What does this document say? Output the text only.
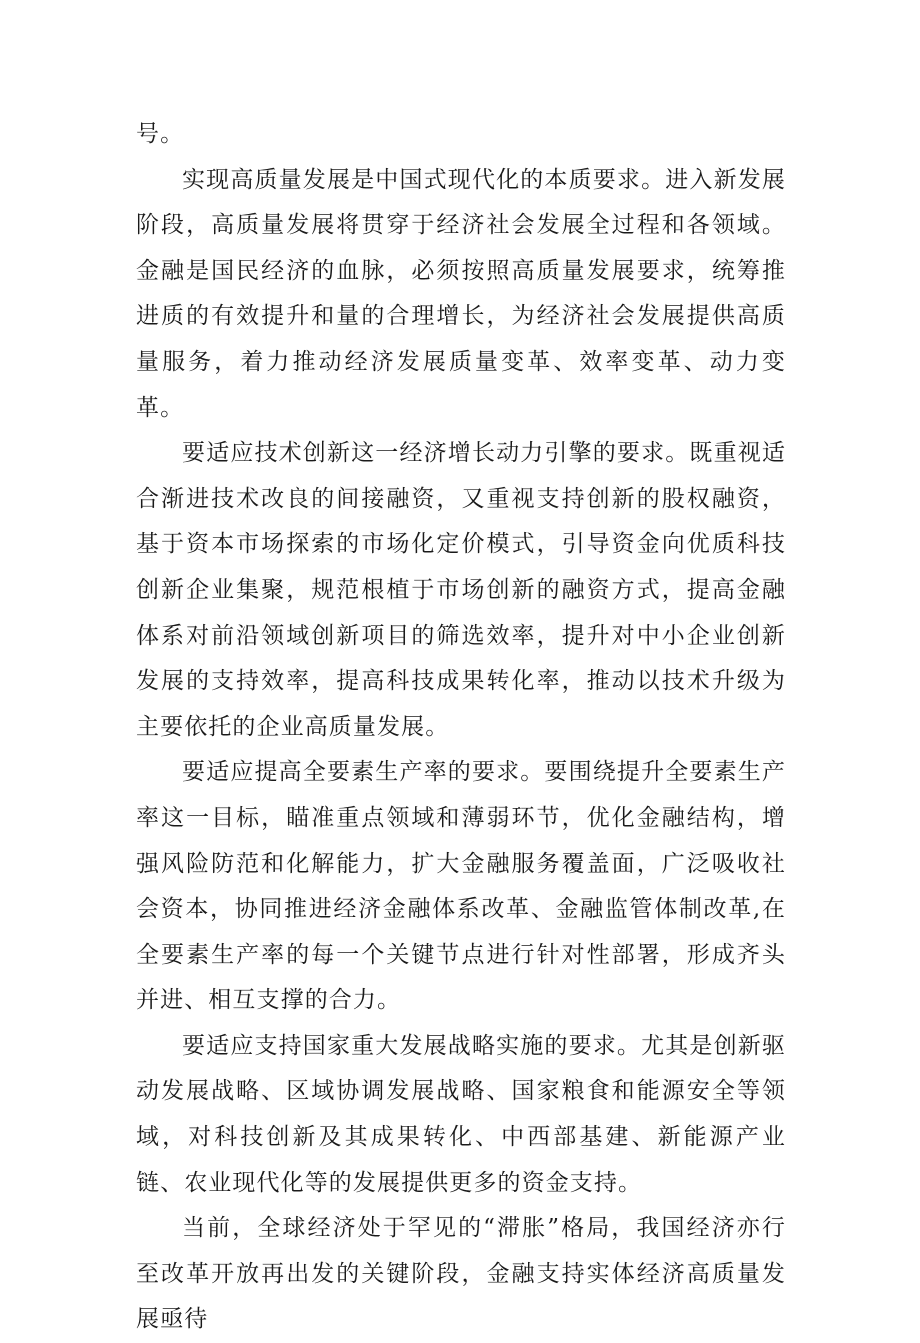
号。

实现高质量发展是中国式现代化的本质要求。进入新发展阶段，高质量发展将贯穿于经济社会发展全过程和各领域。金融是国民经济的血脉，必须按照高质量发展要求，统筹推进质的有效提升和量的合理增长，为经济社会发展提供高质量服务，着力推动经济发展质量变革、效率变革、动力变革。

要适应技术创新这一经济增长动力引擎的要求。既重视适合渐进技术改良的间接融资，又重视支持创新的股权融资，基于资本市场探索的市场化定价模式，引导资金向优质科技创新企业集聚，规范根植于市场创新的融资方式，提高金融体系对前沿领域创新项目的筛选效率，提升对中小企业创新发展的支持效率，提高科技成果转化率，推动以技术升级为主要依托的企业高质量发展。

要适应提高全要素生产率的要求。要围绕提升全要素生产率这一目标，瞄准重点领域和薄弱环节，优化金融结构，增强风险防范和化解能力，扩大金融服务覆盖面，广泛吸收社会资本，协同推进经济金融体系改革、金融监管体制改革,在全要素生产率的每一个关键节点进行针对性部署，形成齐头并进、相互支撑的合力。

要适应支持国家重大发展战略实施的要求。尤其是创新驱动发展战略、区域协调发展战略、国家粮食和能源安全等领域，对科技创新及其成果转化、中西部基建、新能源产业链、农业现代化等的发展提供更多的资金支持。

当前，全球经济处于罕见的“滞胀”格局，我国经济亦行至改革开放再出发的关键阶段，金融支持实体经济高质量发展亟待
